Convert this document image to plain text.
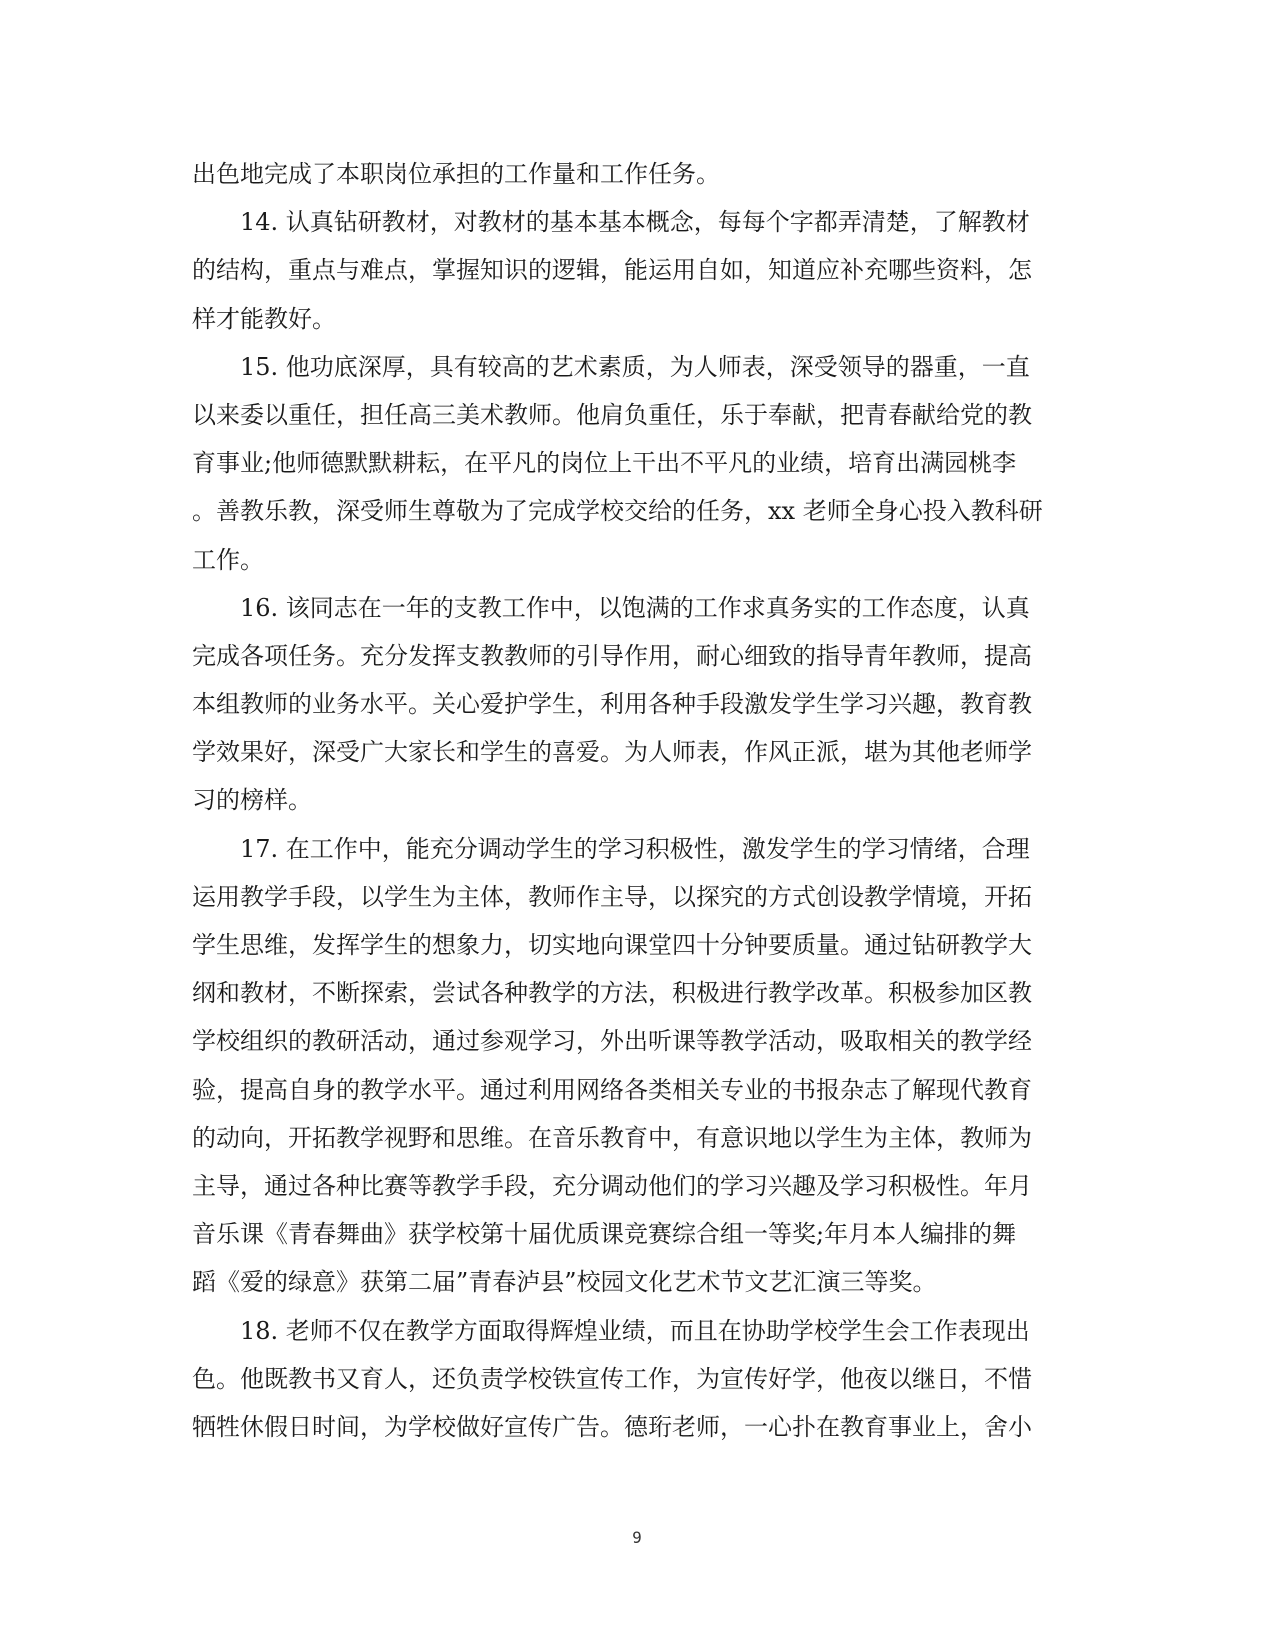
出色地完成了本职岗位承担的工作量和工作任务。
14. 认真钻研教材，对教材的基本基本概念，每每个字都弄清楚，了解教材
的结构，重点与难点，掌握知识的逻辑，能运用自如，知道应补充哪些资料，怎
样才能教好。
15. 他功底深厚，具有较高的艺术素质，为人师表，深受领导的器重，一直
以来委以重任，担任高三美术教师。他肩负重任，乐于奉献，把青春献给党的教
育事业;他师德默默耕耘，在平凡的岗位上干出不平凡的业绩，培育出满园桃李
。善教乐教，深受师生尊敬为了完成学校交给的任务，xx 老师全身心投入教科研
工作。
16. 该同志在一年的支教工作中，以饱满的工作求真务实的工作态度，认真
完成各项任务。充分发挥支教教师的引导作用，耐心细致的指导青年教师，提高
本组教师的业务水平。关心爱护学生，利用各种手段激发学生学习兴趣，教育教
学效果好，深受广大家长和学生的喜爱。为人师表，作风正派，堪为其他老师学
习的榜样。
17. 在工作中，能充分调动学生的学习积极性，激发学生的学习情绪，合理
运用教学手段，以学生为主体，教师作主导，以探究的方式创设教学情境，开拓
学生思维，发挥学生的想象力，切实地向课堂四十分钟要质量。通过钻研教学大
纲和教材，不断探索，尝试各种教学的方法，积极进行教学改革。积极参加区教
学校组织的教研活动，通过参观学习，外出听课等教学活动，吸取相关的教学经
验，提高自身的教学水平。通过利用网络各类相关专业的书报杂志了解现代教育
的动向，开拓教学视野和思维。在音乐教育中，有意识地以学生为主体，教师为
主导，通过各种比赛等教学手段，充分调动他们的学习兴趣及学习积极性。年月
音乐课《青春舞曲》获学校第十届优质课竞赛综合组一等奖;年月本人编排的舞
蹈《爱的绿意》获第二届”青春泸县”校园文化艺术节文艺汇演三等奖。
18. 老师不仅在教学方面取得辉煌业绩，而且在协助学校学生会工作表现出
色。他既教书又育人，还负责学校铁宣传工作，为宣传好学，他夜以继日，不惜
牺牲休假日时间，为学校做好宣传广告。德珩老师，一心扑在教育事业上，舍小
9
